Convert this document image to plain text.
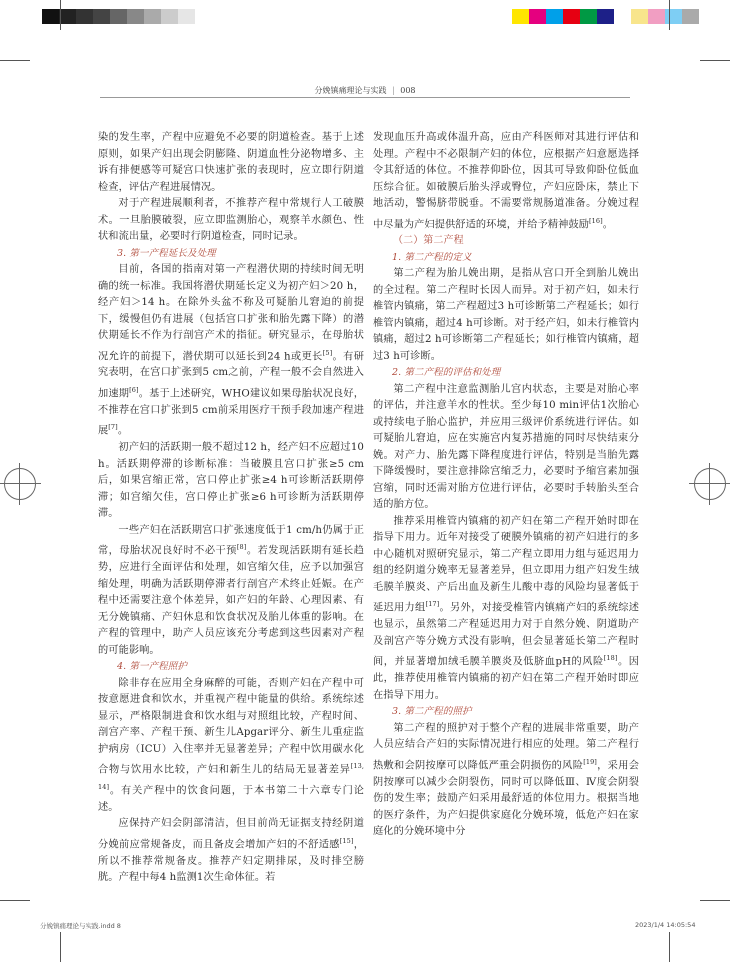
分娩镇痛理论与实践 | 008

染的发生率，产程中应避免不必要的阴道检查。基于上述原则，如果产妇出现会阴膨隆、阴道血性分泌物增多、主诉有排便感等可疑宫口快速扩张的表现时，应立即行阴道检查，评估产程进展情况。

对于产程进展顺利者，不推荐产程中常规行人工破膜术。一旦胎膜破裂，应立即监测胎心，观察羊水颜色、性状和流出量，必要时行阴道检查，同时记录。

3. 第一产程延长及处理

目前，各国的指南对第一产程潜伏期的持续时间无明确的统一标准。我国将潜伏期延长定义为初产妇＞20 h，经产妇＞14 h。在除外头盆不称及可疑胎儿窘迫的前提下，缓慢但仍有进展（包括宫口扩张和胎先露下降）的潜伏期延长不作为行剖宫产术的指征。研究显示，在母胎状况允许的前提下，潜伏期可以延长到24 h或更长[5]。有研究表明，在宫口扩张到5 cm之前，产程一般不会自然进入加速期[6]。基于上述研究，WHO建议如果母胎状况良好，不推荐在宫口扩张到5 cm前采用医疗干预手段加速产程进展[7]。

初产妇的活跃期一般不超过12 h，经产妇不应超过10 h。活跃期停滞的诊断标准：当破膜且宫口扩张≥5 cm后，如果宫缩正常，宫口停止扩张≥4 h可诊断活跃期停滞；如宫缩欠佳，宫口停止扩张≥6 h可诊断为活跃期停滞。

一些产妇在活跃期宫口扩张速度低于1 cm/h仍属于正常，母胎状况良好时不必干预[8]。若发现活跃期有延长趋势，应进行全面评估和处理，如宫缩欠佳，应予以加强宫缩处理，明确为活跃期停滞者行剖宫产术终止妊娠。在产程中还需要注意个体差异，如产妇的年龄、心理因素、有无分娩镇痛、产妇休息和饮食状况及胎儿体重的影响。在产程的管理中，助产人员应该充分考虑到这些因素对产程的可能影响。

4. 第一产程照护

除非存在应用全身麻醉的可能，否则产妇在产程中可按意愿进食和饮水，并重视产程中能量的供给。系统综述显示，严格限制进食和饮水组与对照组比较，产程时间、剖宫产率、产程干预、新生儿Apgar评分、新生儿重症监护病房（ICU）入住率并无显著差异；产程中饮用碳水化合物与饮用水比较，产妇和新生儿的结局无显著差异[13, 14]。有关产程中的饮食问题，于本书第二十六章专门论述。

应保持产妇会阴部清洁，但目前尚无证据支持经阴道分娩前应常规备皮，而且备皮会增加产妇的不舒适感[15]，所以不推荐常规备皮。推荐产妇定期排尿，及时排空膀胱。产程中每4 h监测1次生命体征。若

发现血压升高或体温升高，应由产科医师对其进行评估和处理。产程中不必限制产妇的体位，应根据产妇意愿选择令其舒适的体位。不推荐仰卧位，因其可导致仰卧位低血压综合征。如破膜后胎头浮或臀位，产妇应卧床，禁止下地活动，警惕脐带脱垂。不需要常规肠道准备。分娩过程中尽量为产妇提供舒适的环境，并给予精神鼓励[16]。

（二）第二产程

1. 第二产程的定义

第二产程为胎儿娩出期，是指从宫口开全到胎儿娩出的全过程。第二产程时长因人而异。对于初产妇，如未行椎管内镇痛，第二产程超过3 h可诊断第二产程延长；如行椎管内镇痛，超过4 h可诊断。对于经产妇，如未行椎管内镇痛，超过2 h可诊断第二产程延长；如行椎管内镇痛，超过3 h可诊断。

2. 第二产程的评估和处理

第二产程中注意监测胎儿宫内状态，主要是对胎心率的评估，并注意羊水的性状。至少每10 min评估1次胎心或持续电子胎心监护，并应用三级评价系统进行评估。如可疑胎儿窘迫，应在实施宫内复苏措施的同时尽快结束分娩。对产力、胎先露下降程度进行评估，特别是当胎先露下降缓慢时，要注意排除宫缩乏力，必要时予缩宫素加强宫缩，同时还需对胎方位进行评估，必要时手转胎头至合适的胎方位。

推荐采用椎管内镇痛的初产妇在第二产程开始时即在指导下用力。近年对接受了硬膜外镇痛的初产妇进行的多中心随机对照研究显示，第二产程立即用力组与延迟用力组的经阴道分娩率无显著差异，但立即用力组产妇发生绒毛膜羊膜炎、产后出血及新生儿酸中毒的风险均显著低于延迟用力组[17]。另外，对接受椎管内镇痛产妇的系统综述也显示，虽然第二产程延迟用力对于自然分娩、阴道助产及剖宫产等分娩方式没有影响，但会显著延长第二产程时间，并显著增加绒毛膜羊膜炎及低脐血pH的风险[18]。因此，推荐使用椎管内镇痛的初产妇在第二产程开始时即应在指导下用力。

3. 第二产程的照护

第二产程的照护对于整个产程的进展非常重要，助产人员应结合产妇的实际情况进行相应的处理。第二产程行热敷和会阴按摩可以降低严重会阴损伤的风险[19]，采用会阴按摩可以减少会阴裂伤，同时可以降低Ⅲ、Ⅳ度会阴裂伤的发生率；鼓励产妇采用最舒适的体位用力。根据当地的医疗条件，为产妇提供家庭化分娩环境，低危产妇在家庭化的分娩环境中分

分娩镇痛理论与实践.indd 8	2023/1/4 14:05:54
